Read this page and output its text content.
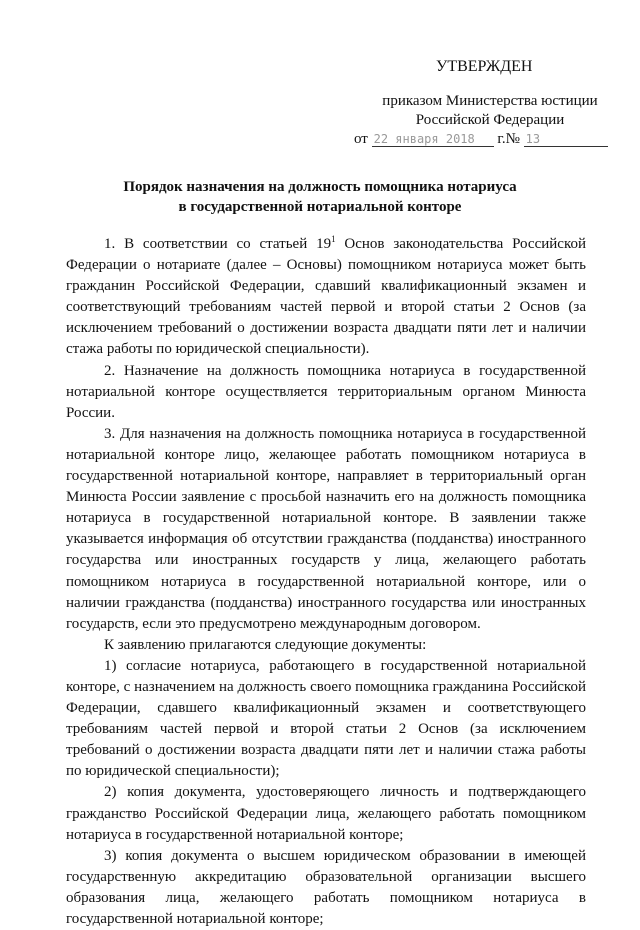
УТВЕРЖДЕН
приказом Министерства юстиции
Российской Федерации
от 22 января 2018 г.№ 13
Порядок назначения на должность помощника нотариуса
в государственной нотариальной конторе

1. В соответствии со статьей $19^1$ Основ законодательства Российской Федерации о нотариате (далее – Основы) помощником нотариуса может быть гражданин Российской Федерации, сдавший квалификационный экзамен и соответствующий требованиям частей первой и второй статьи 2 Основ (за исключением требований о достижении возраста двадцати пяти лет и наличии стажа работы по юридической специальности).

2. Назначение на должность помощника нотариуса в государственной нотариальной конторе осуществляется территориальным органом Минюста России.

3. Для назначения на должность помощника нотариуса в государственной нотариальной конторе лицо, желающее работать помощником нотариуса в государственной нотариальной конторе, направляет в территориальный орган Минюста России заявление с просьбой назначить его на должность помощника нотариуса в государственной нотариальной конторе. В заявлении также указывается информация об отсутствии гражданства (подданства) иностранного государства или иностранных государств у лица, желающего работать помощником нотариуса в государственной нотариальной конторе, или о наличии гражданства (подданства) иностранного государства или иностранных государств, если это предусмотрено международным договором.

К заявлению прилагаются следующие документы:

1) согласие нотариуса, работающего в государственной нотариальной конторе, с назначением на должность своего помощника гражданина Российской Федерации, сдавшего квалификационный экзамен и соответствующего требованиям частей первой и второй статьи 2 Основ (за исключением требований о достижении возраста двадцати пяти лет и наличии стажа работы по юридической специальности);

2) копия документа, удостоверяющего личность и подтверждающего гражданство Российской Федерации лица, желающего работать помощником нотариуса в государственной нотариальной конторе;

3) копия документа о высшем юридическом образовании в имеющей государственную аккредитацию образовательной организации высшего образования лица, желающего работать помощником нотариуса в государственной нотариальной конторе;
